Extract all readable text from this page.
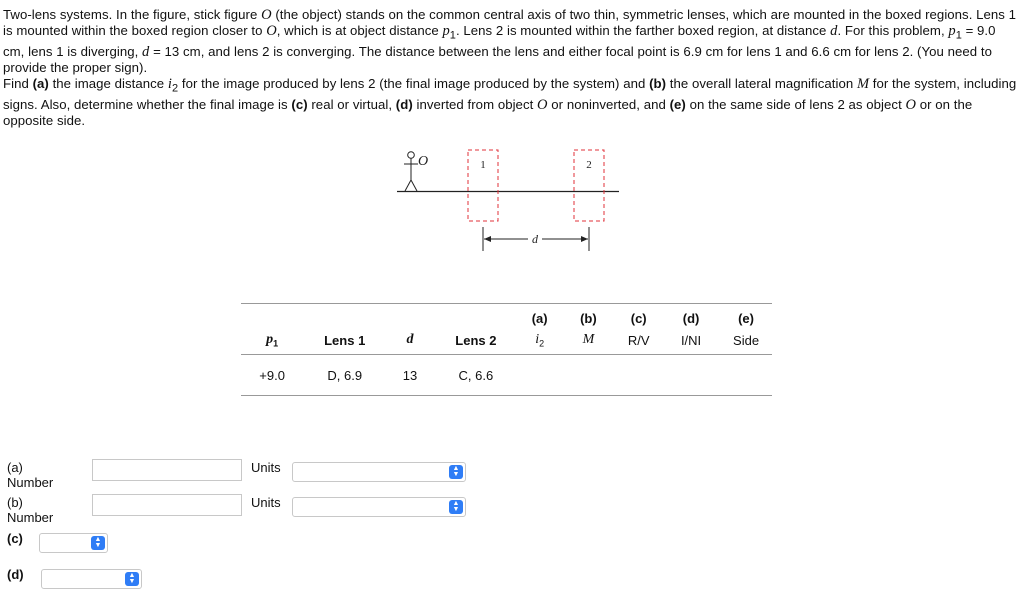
Two-lens systems. In the figure, stick figure O (the object) stands on the common central axis of two thin, symmetric lenses, which are mounted in the boxed regions. Lens 1 is mounted within the boxed region closer to O, which is at object distance $p_1$. Lens 2 is mounted within the farther boxed region, at distance d. For this problem, $p_1 = 9.0$ cm, lens 1 is diverging, d = 13 cm, and lens 2 is converging. The distance between the lens and either focal point is 6.9 cm for lens 1 and 6.6 cm for lens 2. (You need to provide the proper sign).

Find (a) the image distance $i_2$ for the image produced by lens 2 (the final image produced by the system) and (b) the overall lateral magnification M for the system, including signs. Also, determine whether the final image is (c) real or virtual, (d) inverted from object O or noninverted, and (e) on the same side of lens 2 as object O or on the opposite side.

O	1	2
d
				(a)	(b)	(c)	(d)	(e)
$p_1$	Lens 1	d	Lens 2	$i_2$	M	R/V	I/NI	Side
+9.0	D, 6.9	13	C, 6.6					
(a) Number
Units	▲
▼
(b) Number
Units	▲
▼
(c)	▲
▼
(d)	▲
▼
